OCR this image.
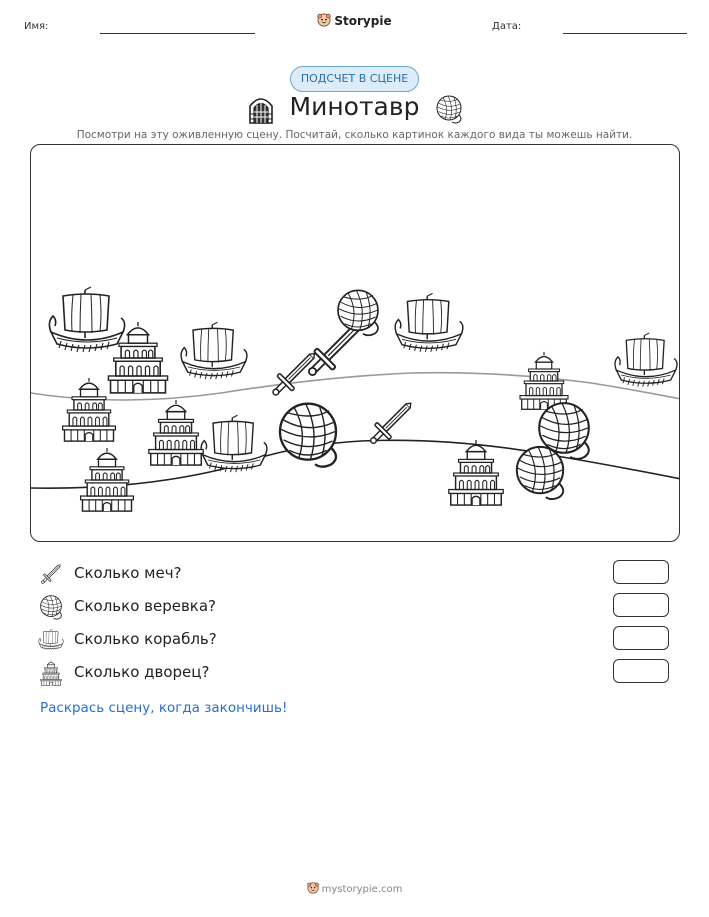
Имя:	Storypie	Дата:
ПОДСЧЕТ В СЦЕНЕ
Минотавр
Посмотри на эту оживленную сцену. Посчитай, сколько картинок каждого вида ты можешь найти.
Сколько меч?
Сколько веревка?
Сколько корабль?
Сколько дворец?
Раскрась сцену, когда закончишь!
mystorypie.com
